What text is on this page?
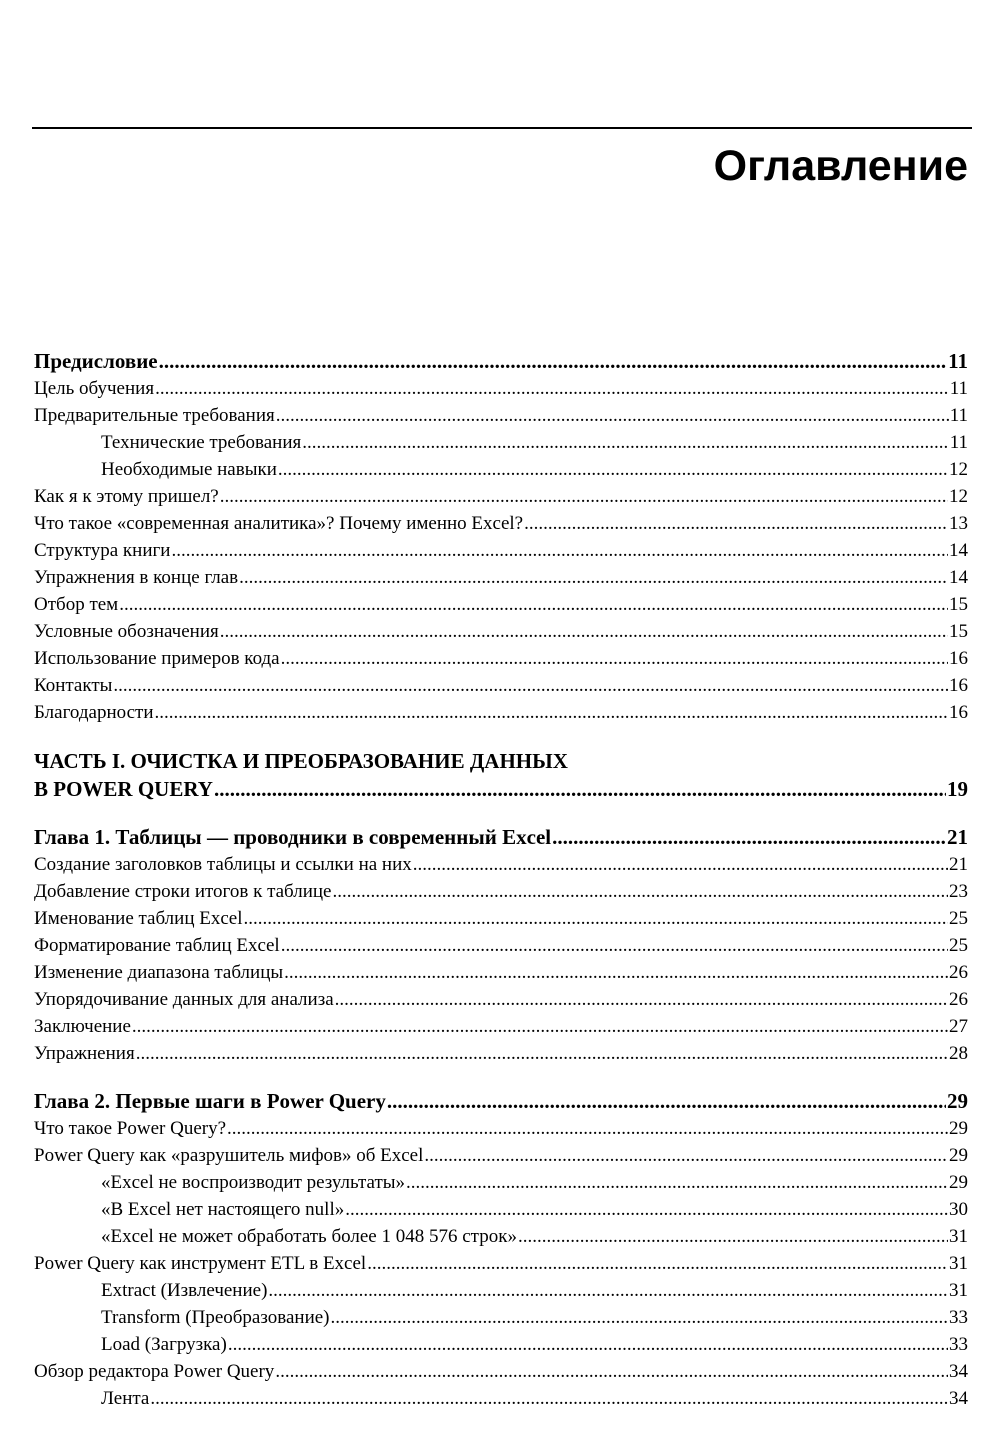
Оглавление
Предисловие .....	11
Цель обучения .....	11
Предварительные требования .....	11
Технические требования .....	11
Необходимые навыки .....	12
Как я к этому пришел? .....	12
Что такое «современная аналитика»? Почему именно Excel? .....	13
Структура книги .....	14
Упражнения в конце глав .....	14
Отбор тем .....	15
Условные обозначения .....	15
Использование примеров кода .....	16
Контакты .....	16
Благодарности .....	16
ЧАСТЬ I. ОЧИСТКА И ПРЕОБРАЗОВАНИЕ ДАННЫХ
В POWER QUERY .....	19
Глава 1. Таблицы — проводники в современный Excel .....	21
Создание заголовков таблицы и ссылки на них .....	21
Добавление строки итогов к таблице .....	23
Именование таблиц Excel .....	25
Форматирование таблиц Excel .....	25
Изменение диапазона таблицы .....	26
Упорядочивание данных для анализа .....	26
Заключение .....	27
Упражнения .....	28
Глава 2. Первые шаги в Power Query .....	29
Что такое Power Query? .....	29
Power Query как «разрушитель мифов» об Excel .....	29
«Excel не воспроизводит результаты» .....	29
«В Excel нет настоящего null» .....	30
«Excel не может обработать более 1 048 576 строк» .....	31
Power Query как инструмент ETL в Excel .....	31
Extract (Извлечение) .....	31
Transform (Преобразование) .....	33
Load (Загрузка) .....	33
Обзор редактора Power Query .....	34
Лента .....	34
